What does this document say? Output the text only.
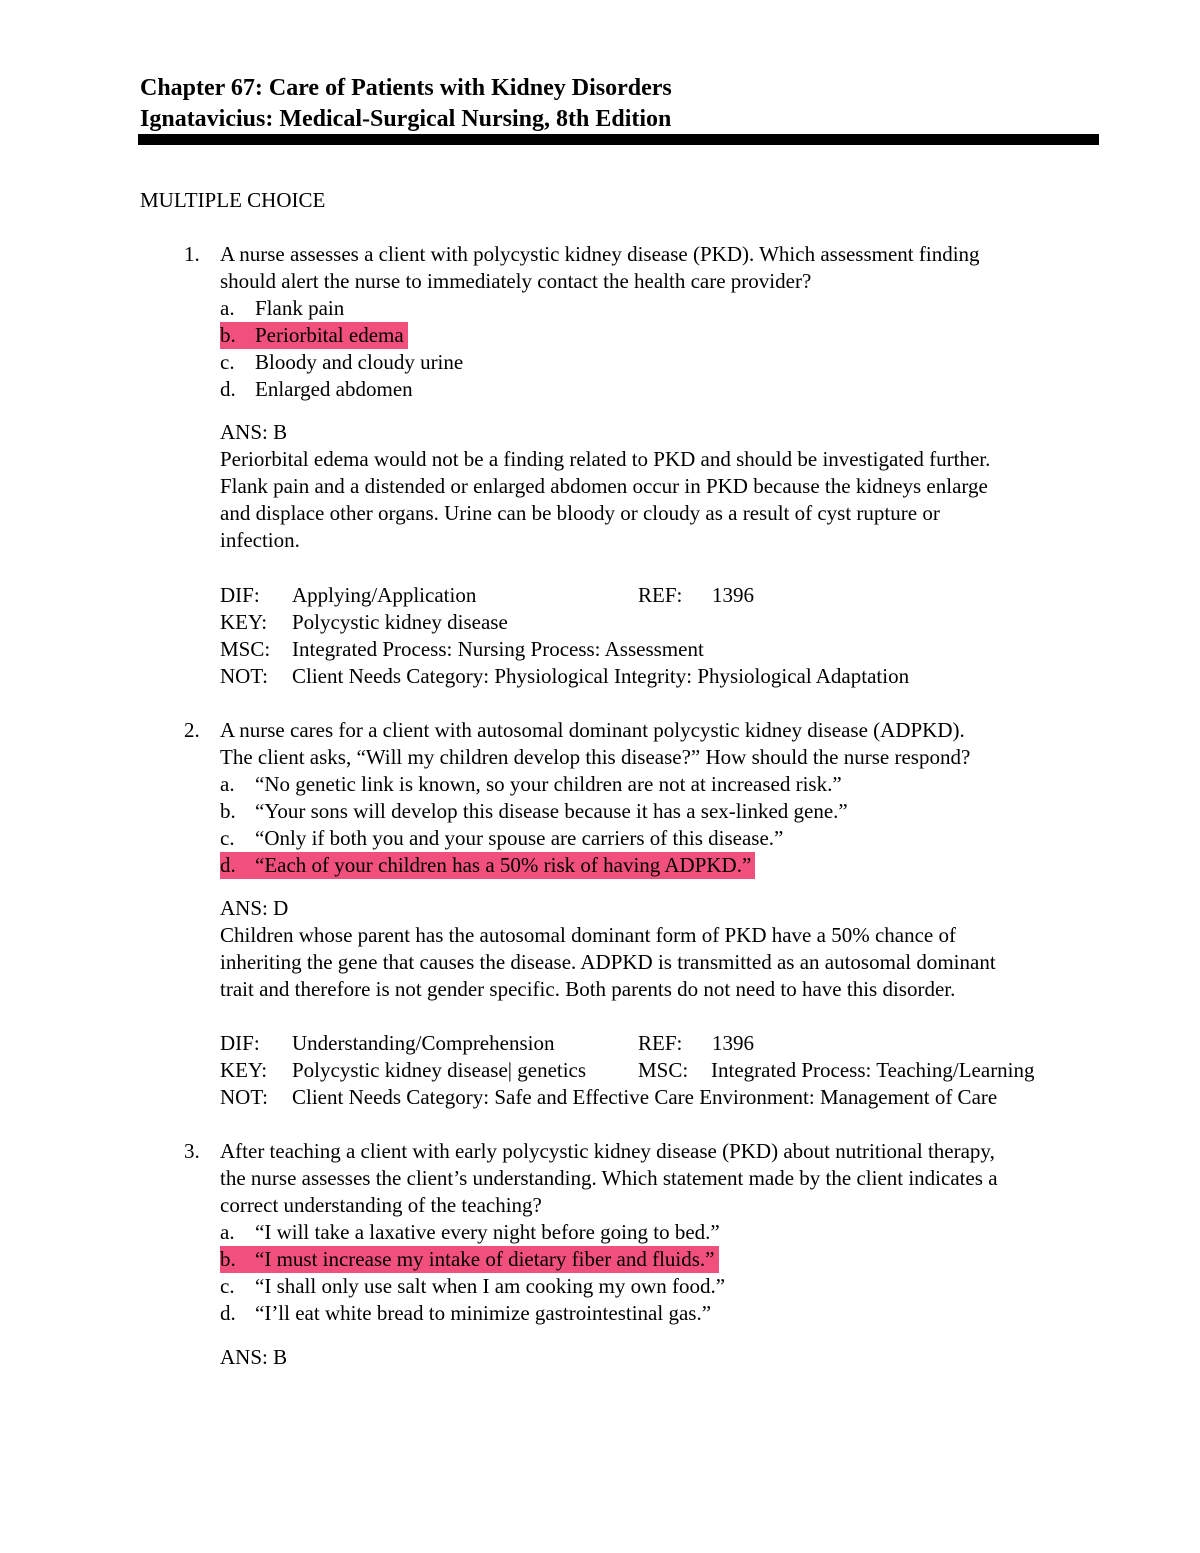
Chapter 67: Care of Patients with Kidney Disorders
Ignatavicius: Medical-Surgical Nursing, 8th Edition
MULTIPLE CHOICE
1. A nurse assesses a client with polycystic kidney disease (PKD). Which assessment finding
should alert the nurse to immediately contact the health care provider?
a. Flank pain
b. Periorbital edema
c. Bloody and cloudy urine
d. Enlarged abdomen
ANS: B
Periorbital edema would not be a finding related to PKD and should be investigated further.
Flank pain and a distended or enlarged abdomen occur in PKD because the kidneys enlarge
and displace other organs. Urine can be bloody or cloudy as a result of cyst rupture or
infection.
DIF: Applying/Application	REF: 1396
KEY: Polycystic kidney disease
MSC: Integrated Process: Nursing Process: Assessment
NOT: Client Needs Category: Physiological Integrity: Physiological Adaptation
2. A nurse cares for a client with autosomal dominant polycystic kidney disease (ADPKD).
The client asks, “Will my children develop this disease?” How should the nurse respond?
a. “No genetic link is known, so your children are not at increased risk.”
b. “Your sons will develop this disease because it has a sex-linked gene.”
c. “Only if both you and your spouse are carriers of this disease.”
d. “Each of your children has a 50% risk of having ADPKD.”
ANS: D
Children whose parent has the autosomal dominant form of PKD have a 50% chance of
inheriting the gene that causes the disease. ADPKD is transmitted as an autosomal dominant
trait and therefore is not gender specific. Both parents do not need to have this disorder.
DIF: Understanding/Comprehension	REF: 1396
KEY: Polycystic kidney disease| genetics MSC: Integrated Process: Teaching/Learning
NOT: Client Needs Category: Safe and Effective Care Environment: Management of Care
3. After teaching a client with early polycystic kidney disease (PKD) about nutritional therapy,
the nurse assesses the client’s understanding. Which statement made by the client indicates a
correct understanding of the teaching?
a. “I will take a laxative every night before going to bed.”
b. “I must increase my intake of dietary fiber and fluids.”
c. “I shall only use salt when I am cooking my own food.”
d. “I’ll eat white bread to minimize gastrointestinal gas.”
ANS: B
